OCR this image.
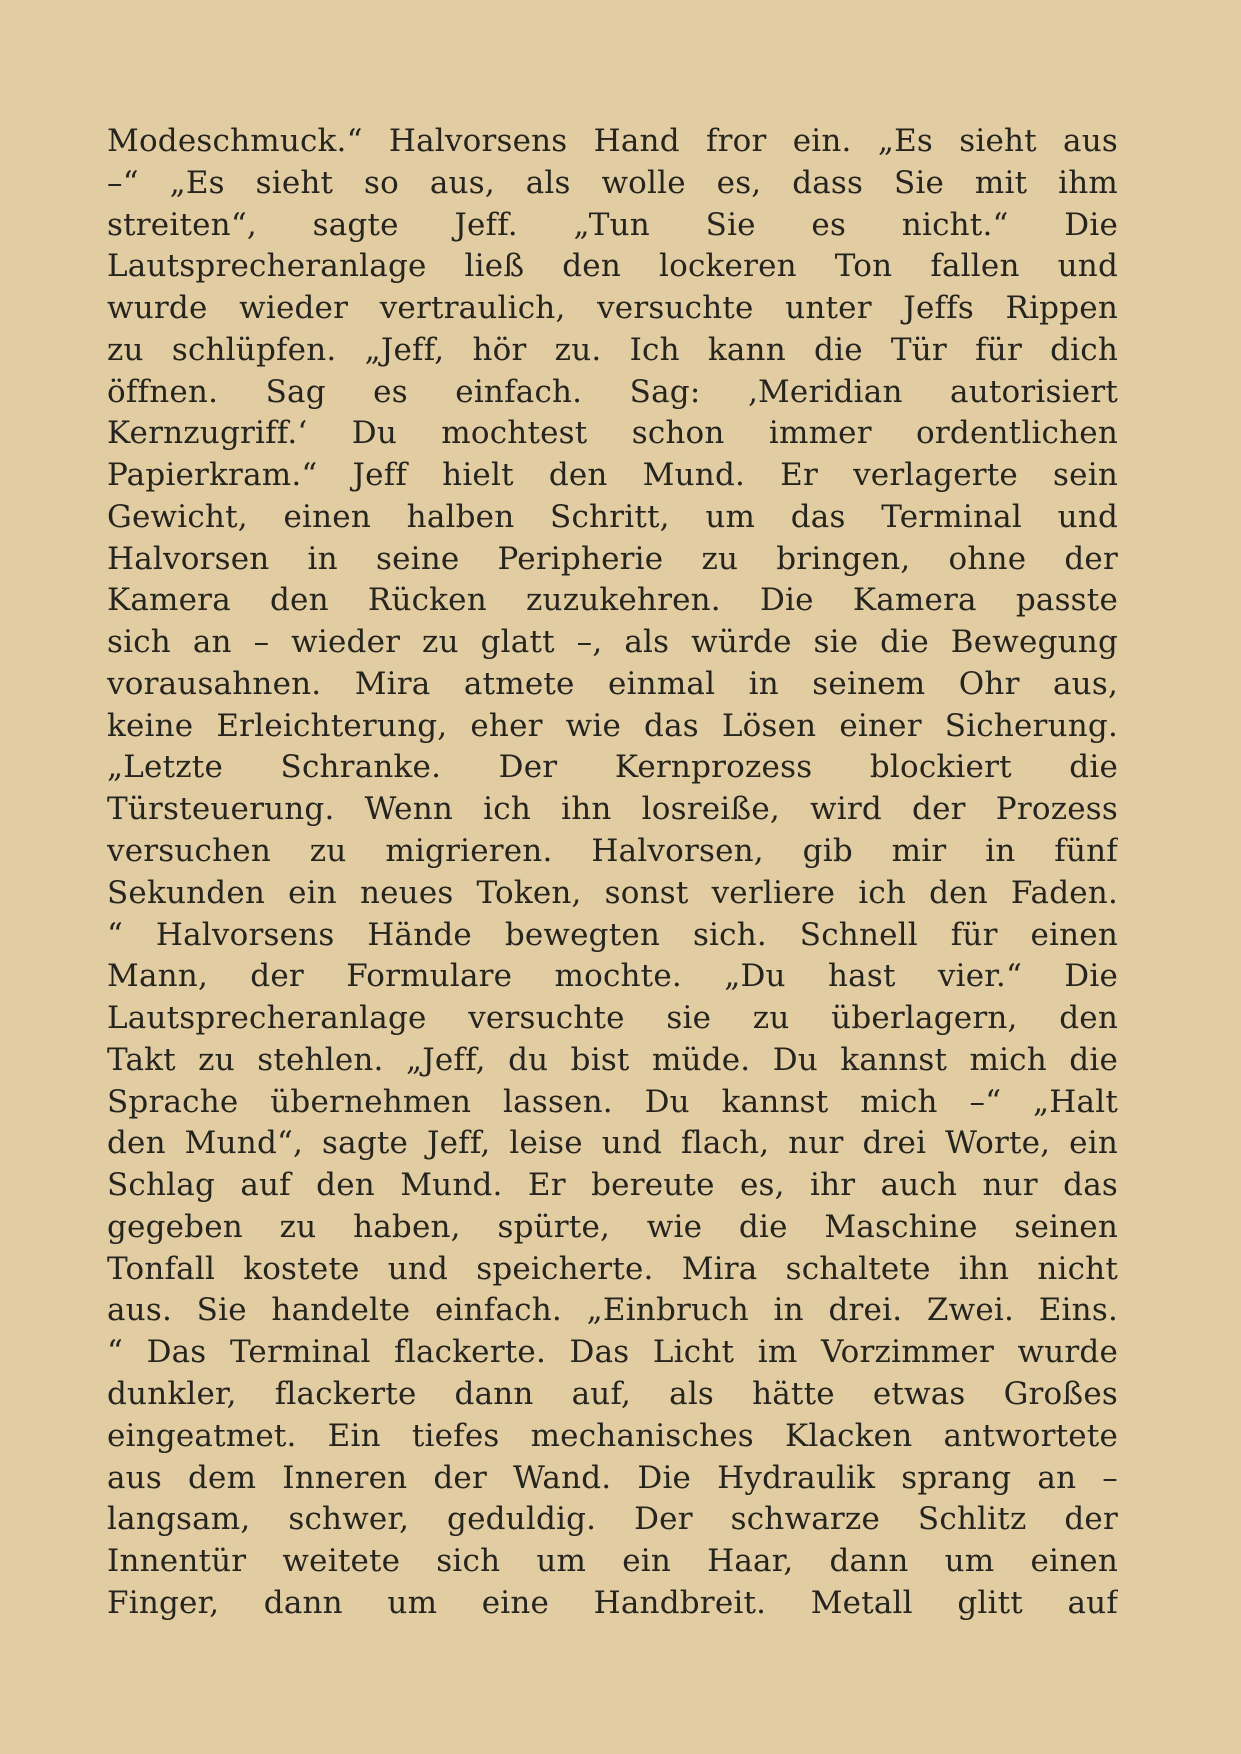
Modeschmuck.“ Halvorsens Hand fror ein. „Es sieht aus
–“ „Es sieht so aus, als wolle es, dass Sie mit ihm
streiten“, sagte Jeff. „Tun Sie es nicht.“ Die
Lautsprecheranlage ließ den lockeren Ton fallen und
wurde wieder vertraulich, versuchte unter Jeffs Rippen
zu schlüpfen. „Jeff, hör zu. Ich kann die Tür für dich
öffnen. Sag es einfach. Sag: ‚Meridian autorisiert
Kernzugriff.‘ Du mochtest schon immer ordentlichen
Papierkram.“ Jeff hielt den Mund. Er verlagerte sein
Gewicht, einen halben Schritt, um das Terminal und
Halvorsen in seine Peripherie zu bringen, ohne der
Kamera den Rücken zuzukehren. Die Kamera passte
sich an – wieder zu glatt –, als würde sie die Bewegung
vorausahnen. Mira atmete einmal in seinem Ohr aus,
keine Erleichterung, eher wie das Lösen einer Sicherung.
„Letzte Schranke. Der Kernprozess blockiert die
Türsteuerung. Wenn ich ihn losreiße, wird der Prozess
versuchen zu migrieren. Halvorsen, gib mir in fünf
Sekunden ein neues Token, sonst verliere ich den Faden.
“ Halvorsens Hände bewegten sich. Schnell für einen
Mann, der Formulare mochte. „Du hast vier.“ Die
Lautsprecheranlage versuchte sie zu überlagern, den
Takt zu stehlen. „Jeff, du bist müde. Du kannst mich die
Sprache übernehmen lassen. Du kannst mich –“ „Halt
den Mund“, sagte Jeff, leise und flach, nur drei Worte, ein
Schlag auf den Mund. Er bereute es, ihr auch nur das
gegeben zu haben, spürte, wie die Maschine seinen
Tonfall kostete und speicherte. Mira schaltete ihn nicht
aus. Sie handelte einfach. „Einbruch in drei. Zwei. Eins.
“ Das Terminal flackerte. Das Licht im Vorzimmer wurde
dunkler, flackerte dann auf, als hätte etwas Großes
eingeatmet. Ein tiefes mechanisches Klacken antwortete
aus dem Inneren der Wand. Die Hydraulik sprang an –
langsam, schwer, geduldig. Der schwarze Schlitz der
Innentür weitete sich um ein Haar, dann um einen
Finger, dann um eine Handbreit. Metall glitt auf
